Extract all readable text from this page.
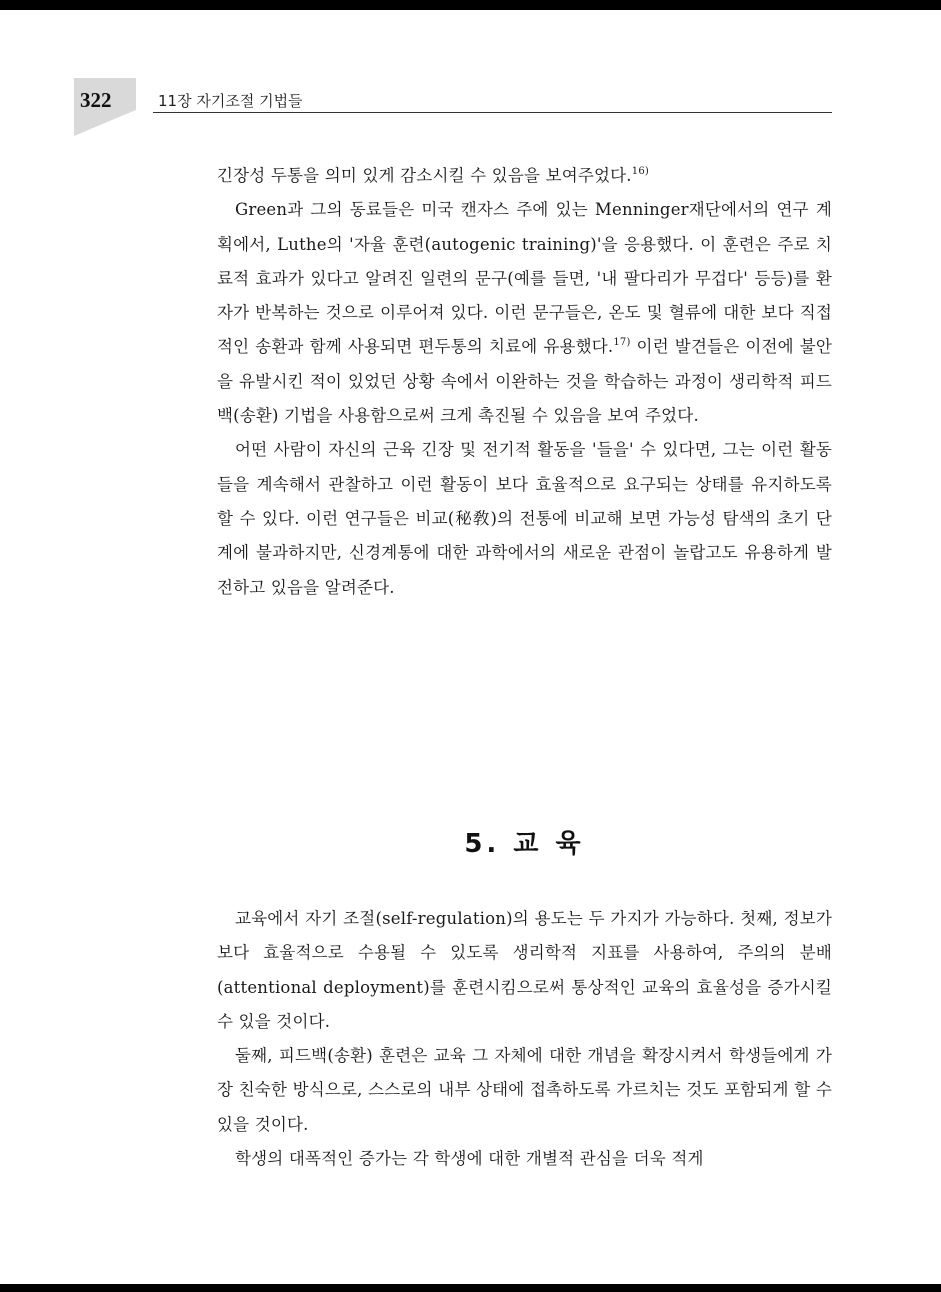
322	11장 자기조절 기법들

긴장성 두통을 의미 있게 감소시킬 수 있음을 보여주었다.$^{16)}$

Green과 그의 동료들은 미국 캔자스 주에 있는 Menninger재단에서의 연구 계획에서, Luthe의 '자율 훈련(autogenic training)'을 응용했다. 이 훈련은 주로 치료적 효과가 있다고 알려진 일련의 문구(예를 들면, '내 팔다리가 무겁다' 등등)를 환자가 반복하는 것으로 이루어져 있다. 이런 문구들은, 온도 및 혈류에 대한 보다 직접적인 송환과 함께 사용되면 편두통의 치료에 유용했다.$^{17)}$ 이런 발견들은 이전에 불안을 유발시킨 적이 있었던 상황 속에서 이완하는 것을 학습하는 과정이 생리학적 피드백(송환) 기법을 사용함으로써 크게 촉진될 수 있음을 보여 주었다.

어떤 사람이 자신의 근육 긴장 및 전기적 활동을 '들을' 수 있다면, 그는 이런 활동들을 계속해서 관찰하고 이런 활동이 보다 효율적으로 요구되는 상태를 유지하도록 할 수 있다. 이런 연구들은 비교(秘敎)의 전통에 비교해 보면 가능성 탐색의 초기 단계에 불과하지만, 신경계통에 대한 과학에서의 새로운 관점이 놀랍고도 유용하게 발전하고 있음을 알려준다.

5. 교 육

교육에서 자기 조절(self-regulation)의 용도는 두 가지가 가능하다. 첫째, 정보가 보다 효율적으로 수용될 수 있도록 생리학적 지표를 사용하여, 주의의 분배(attentional deployment)를 훈련시킴으로써 통상적인 교육의 효율성을 증가시킬 수 있을 것이다.

둘째, 피드백(송환) 훈련은 교육 그 자체에 대한 개념을 확장시켜서 학생들에게 가장 친숙한 방식으로, 스스로의 내부 상태에 접촉하도록 가르치는 것도 포함되게 할 수 있을 것이다.

학생의 대폭적인 증가는 각 학생에 대한 개별적 관심을 더욱 적게
